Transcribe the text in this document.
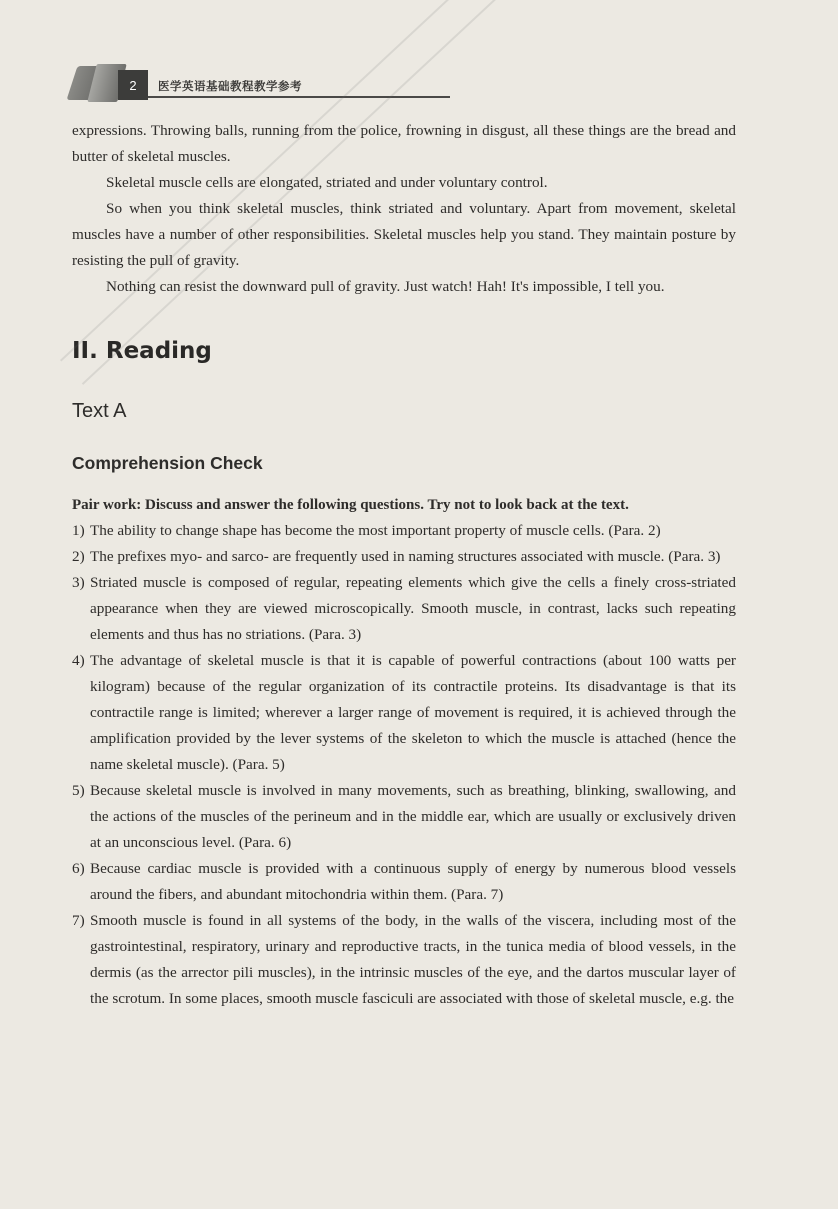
2	医学英语基础教程教学参考

expressions. Throwing balls, running from the police, frowning in disgust, all these things are the bread and butter of skeletal muscles.

Skeletal muscle cells are elongated, striated and under voluntary control.

So when you think skeletal muscles, think striated and voluntary. Apart from movement, skeletal muscles have a number of other responsibilities. Skeletal muscles help you stand. They maintain posture by resisting the pull of gravity.

Nothing can resist the downward pull of gravity. Just watch! Hah! It's impossible, I tell you.

II. Reading
Text A
Comprehension Check
Pair work: Discuss and answer the following questions. Try not to look back at the text.
1) The ability to change shape has become the most important property of muscle cells. (Para. 2)
2) The prefixes myo- and sarco- are frequently used in naming structures associated with muscle. (Para. 3)
3) Striated muscle is composed of regular, repeating elements which give the cells a finely cross-striated appearance when they are viewed microscopically. Smooth muscle, in contrast, lacks such repeating elements and thus has no striations. (Para. 3)
4) The advantage of skeletal muscle is that it is capable of powerful contractions (about 100 watts per kilogram) because of the regular organization of its contractile proteins. Its disadvantage is that its contractile range is limited; wherever a larger range of movement is required, it is achieved through the amplification provided by the lever systems of the skeleton to which the muscle is attached (hence the name skeletal muscle). (Para. 5)
5) Because skeletal muscle is involved in many movements, such as breathing, blinking, swallowing, and the actions of the muscles of the perineum and in the middle ear, which are usually or exclusively driven at an unconscious level. (Para. 6)
6) Because cardiac muscle is provided with a continuous supply of energy by numerous blood vessels around the fibers, and abundant mitochondria within them. (Para. 7)
7) Smooth muscle is found in all systems of the body, in the walls of the viscera, including most of the gastrointestinal, respiratory, urinary and reproductive tracts, in the tunica media of blood vessels, in the dermis (as the arrector pili muscles), in the intrinsic muscles of the eye, and the dartos muscular layer of the scrotum. In some places, smooth muscle fasciculi are associated with those of skeletal muscle, e.g. the
